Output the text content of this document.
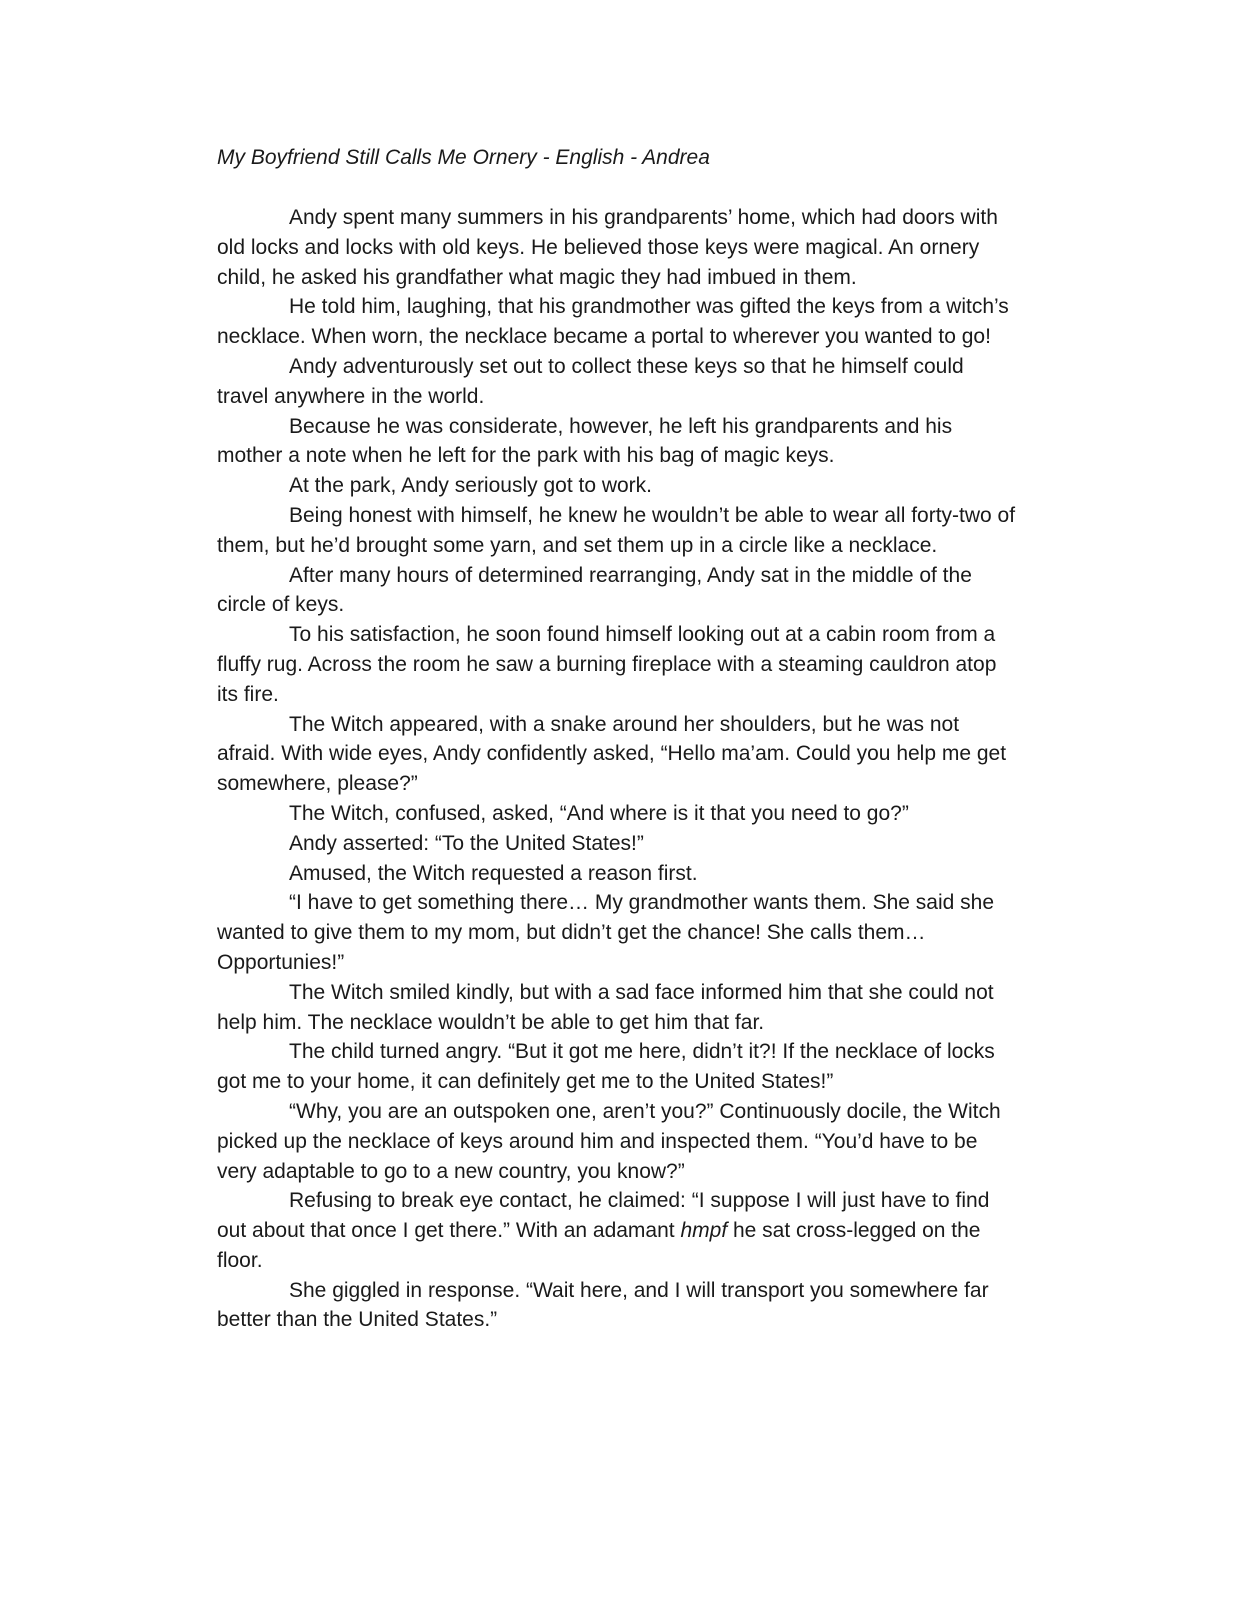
My Boyfriend Still Calls Me Ornery - English - Andrea

Andy spent many summers in his grandparents’ home, which had doors with old locks and locks with old keys. He believed those keys were magical. An ornery child, he asked his grandfather what magic they had imbued in them.

He told him, laughing, that his grandmother was gifted the keys from a witch’s necklace. When worn, the necklace became a portal to wherever you wanted to go!

Andy adventurously set out to collect these keys so that he himself could travel anywhere in the world.

Because he was considerate, however, he left his grandparents and his mother a note when he left for the park with his bag of magic keys.

At the park, Andy seriously got to work.

Being honest with himself, he knew he wouldn’t be able to wear all forty-two of them, but he’d brought some yarn, and set them up in a circle like a necklace.

After many hours of determined rearranging, Andy sat in the middle of the circle of keys.

To his satisfaction, he soon found himself looking out at a cabin room from a fluffy rug. Across the room he saw a burning fireplace with a steaming cauldron atop its fire.

The Witch appeared, with a snake around her shoulders, but he was not afraid. With wide eyes, Andy confidently asked, “Hello ma’am. Could you help me get somewhere, please?”

The Witch, confused, asked, “And where is it that you need to go?”

Andy asserted: “To the United States!”

Amused, the Witch requested a reason first.

“I have to get something there… My grandmother wants them. She said she wanted to give them to my mom, but didn’t get the chance! She calls them… Opportunies!”

The Witch smiled kindly, but with a sad face informed him that she could not help him. The necklace wouldn’t be able to get him that far.

The child turned angry. “But it got me here, didn’t it?! If the necklace of locks got me to your home, it can definitely get me to the United States!”

“Why, you are an outspoken one, aren’t you?” Continuously docile, the Witch picked up the necklace of keys around him and inspected them. “You’d have to be very adaptable to go to a new country, you know?”

Refusing to break eye contact, he claimed: “I suppose I will just have to find out about that once I get there.” With an adamant hmpf he sat cross-legged on the floor.

She giggled in response. “Wait here, and I will transport you somewhere far better than the United States.”
